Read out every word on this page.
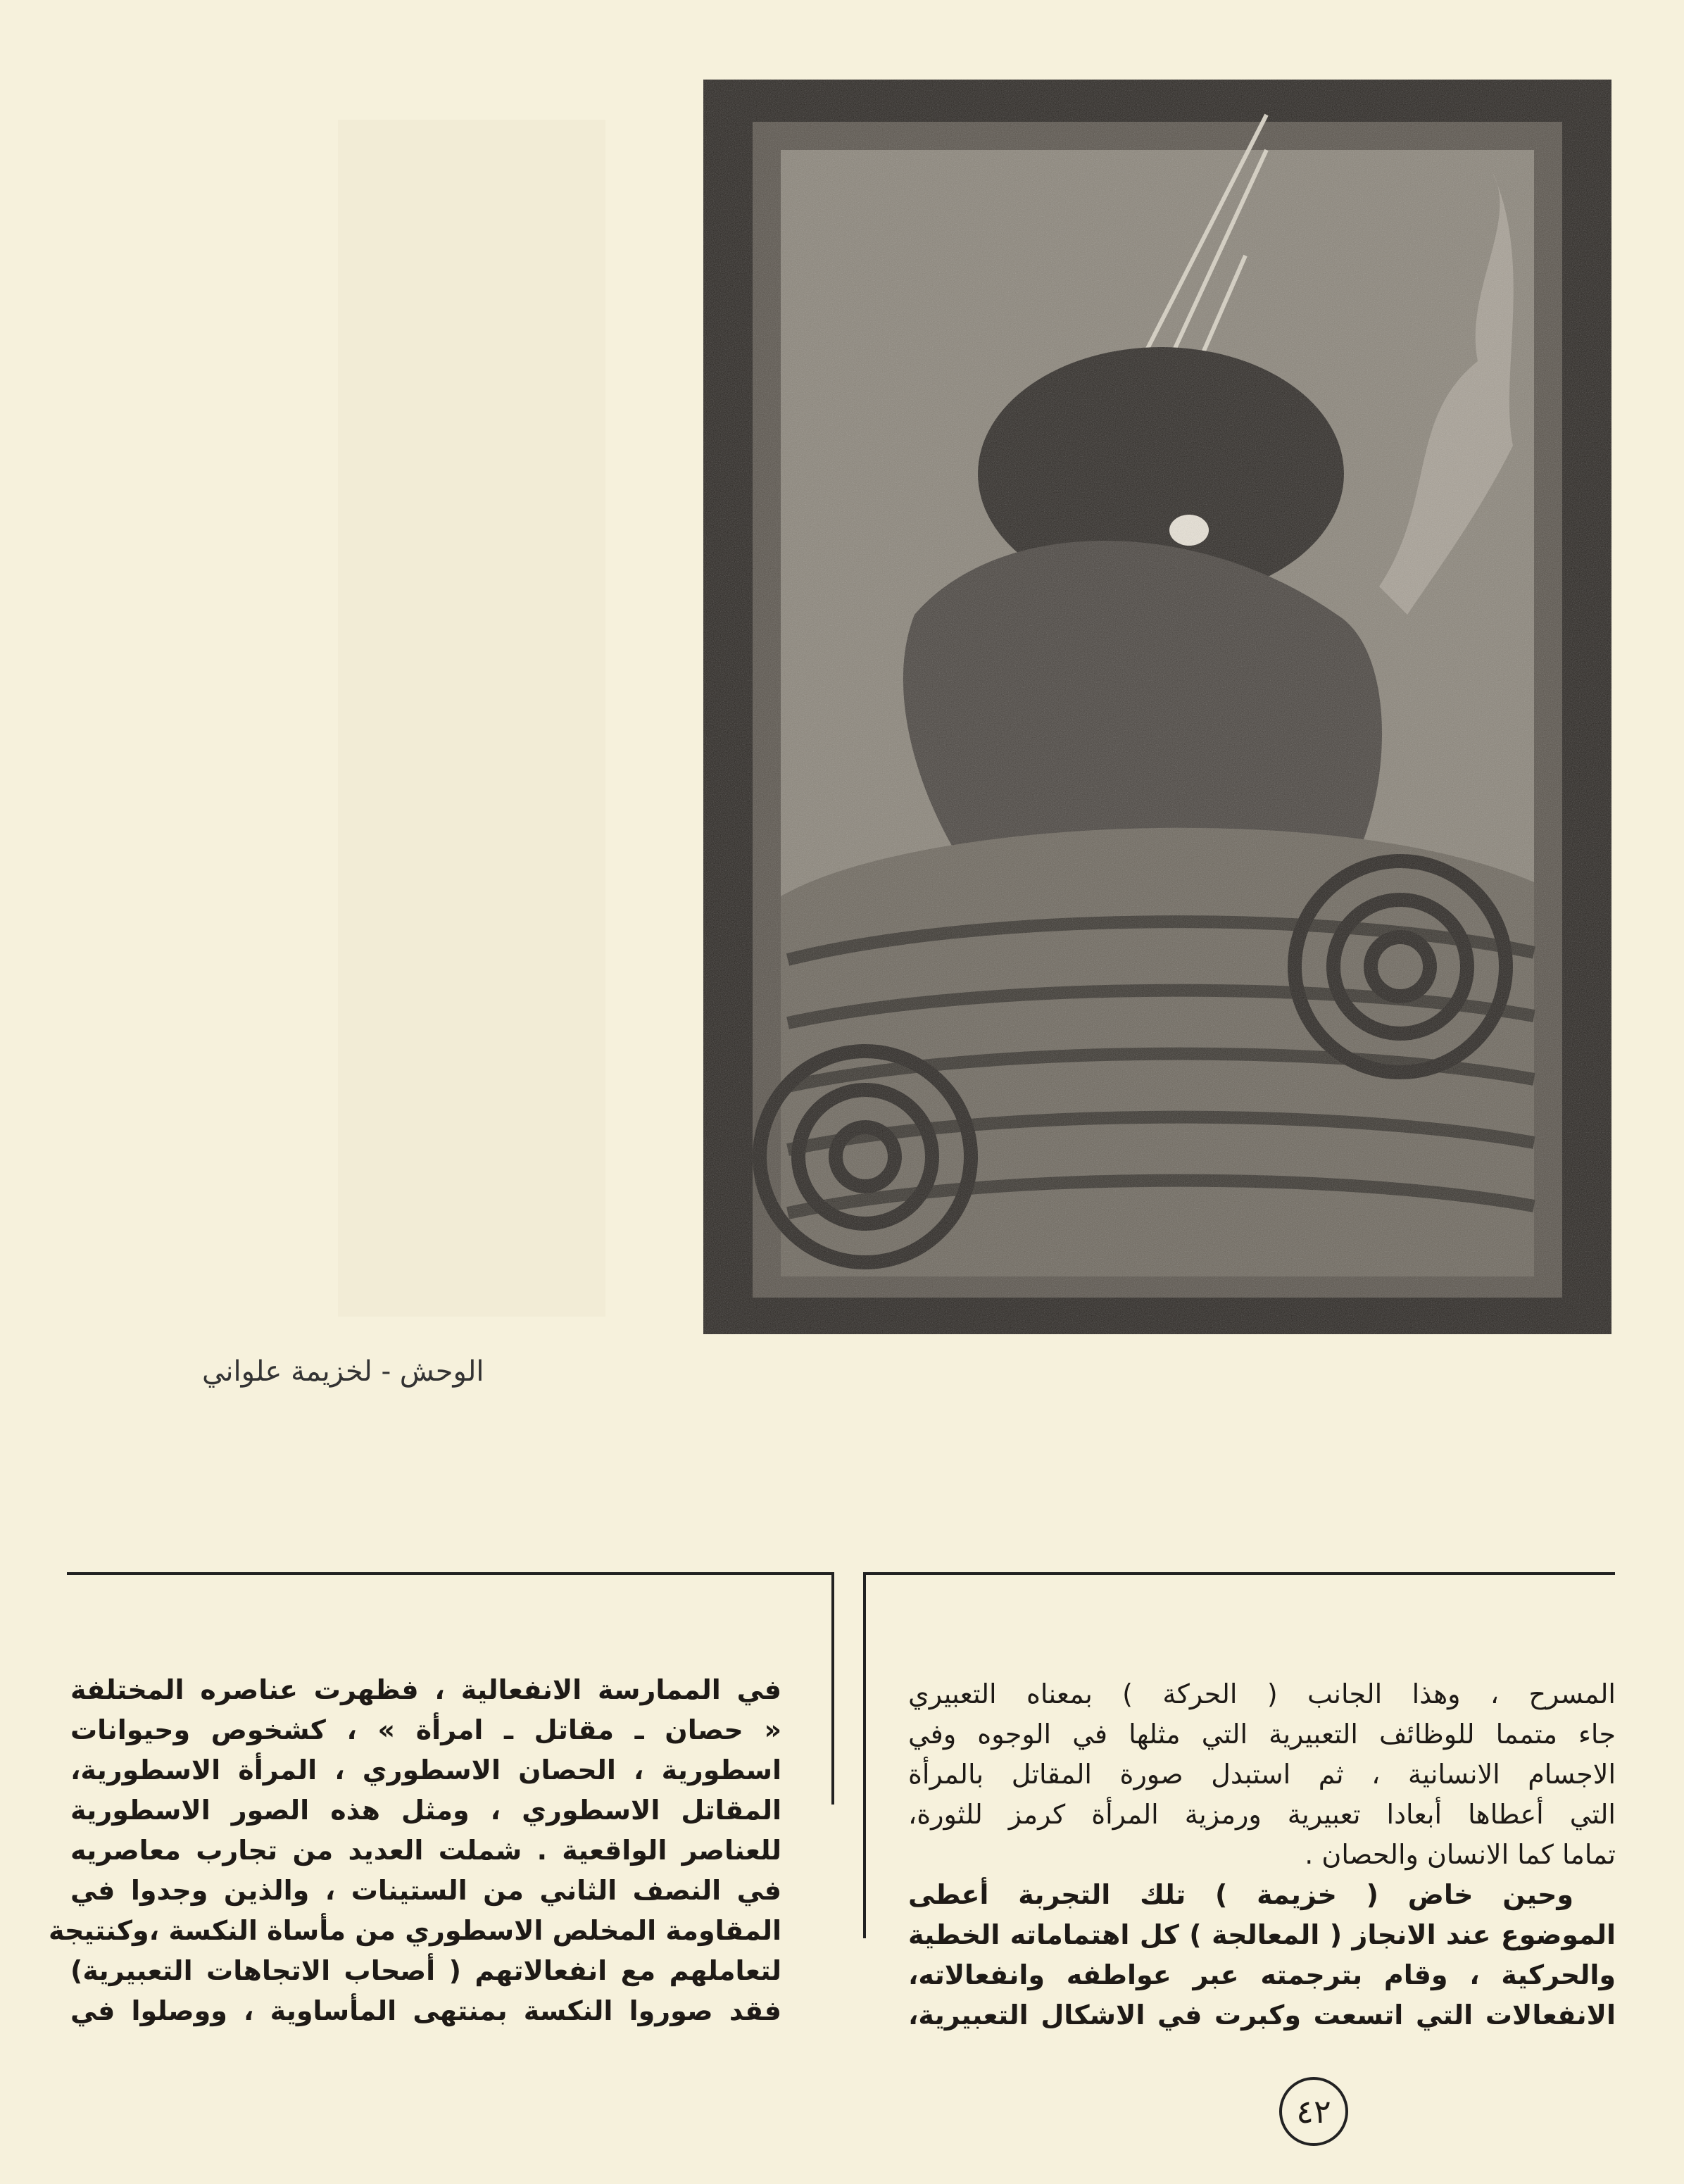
الوحش - لخزيمة علواني
المسرح ، وهذا الجانب ( الحركة ) بمعناه التعبيري
جاء متمما للوظائف التعبيرية التي مثلها في الوجوه وفي
الاجسام الانسانية ، ثم استبدل صورة المقاتل بالمرأة
التي أعطاها أبعادا تعبيرية ورمزية المرأة كرمز للثورة،
تماما كما الانسان والحصان .
وحين خاض ( خزيمة ) تلك التجربة أعطى
الموضوع عند الانجاز ( المعالجة ) كل اهتماماته الخطية
والحركية ، وقام بترجمته عبر عواطفه وانفعالاته،
الانفعالات التي اتسعت وكبرت في الاشكال التعبيرية،
في الممارسة الانفعالية ، فظهرت عناصره المختلفة
« حصان ـ مقاتل ـ امرأة » ، كشخوص وحيوانات
اسطورية ، الحصان الاسطوري ، المرأة الاسطورية،
المقاتل الاسطوري ، ومثل هذه الصور الاسطورية
للعناصر الواقعية . شملت العديد من تجارب معاصريه
في النصف الثاني من الستينات ، والذين وجدوا في
المقاومة المخلص الاسطوري من مأساة النكسة ،وكنتيجة
لتعاملهم مع انفعالاتهم ( أصحاب الاتجاهات التعبيرية)
فقد صوروا النكسة بمنتهى المأساوية ، ووصلوا في
٤٢
